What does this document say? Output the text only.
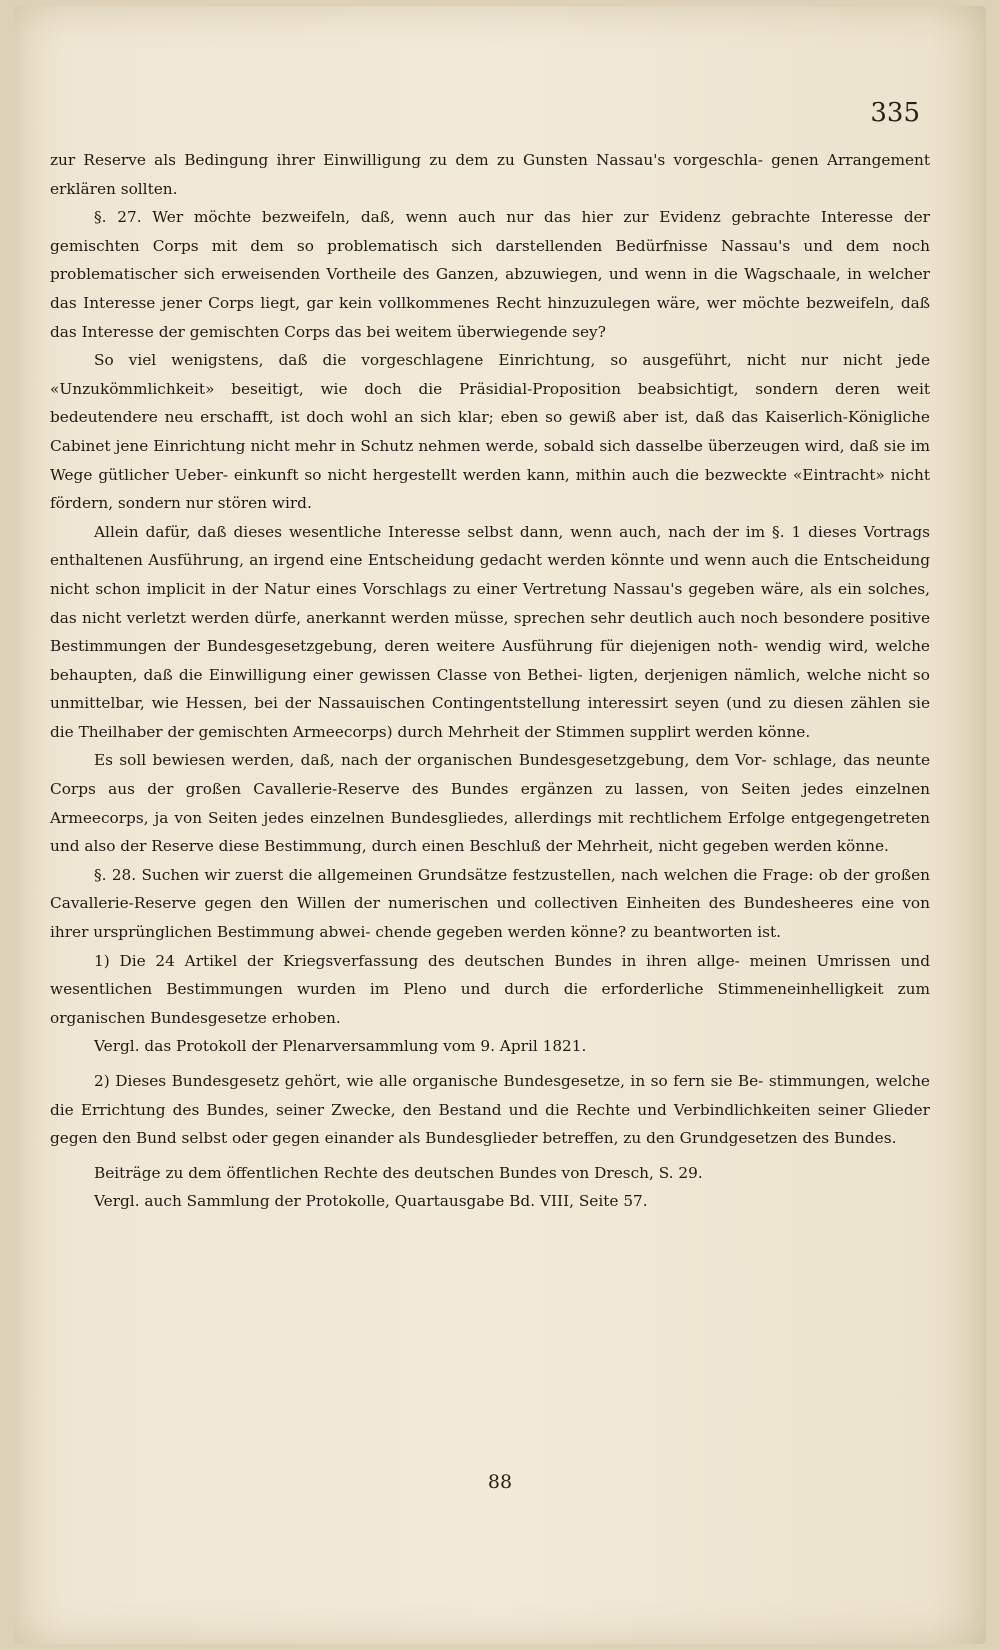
335

zur Reserve als Bedingung ihrer Einwilligung zu dem zu Gunsten Nassau's vorgeschla- genen Arrangement erklären sollten.

§. 27. Wer möchte bezweifeln, daß, wenn auch nur das hier zur Evidenz gebrachte Interesse der gemischten Corps mit dem so problematisch sich darstellenden Bedürfnisse Nassau's und dem noch problematischer sich erweisenden Vortheile des Ganzen, abzuwiegen, und wenn in die Wagschaale, in welcher das Interesse jener Corps liegt, gar kein vollkommenes Recht hinzuzulegen wäre, wer möchte bezweifeln, daß das Interesse der gemischten Corps das bei weitem überwiegende sey?

So viel wenigstens, daß die vorgeschlagene Einrichtung, so ausgeführt, nicht nur nicht jede «Unzukömmlichkeit» beseitigt, wie doch die Präsidial-Proposition beabsichtigt, sondern deren weit bedeutendere neu erschafft, ist doch wohl an sich klar; eben so gewiß aber ist, daß das Kaiserlich-Königliche Cabinet jene Einrichtung nicht mehr in Schutz nehmen werde, sobald sich dasselbe überzeugen wird, daß sie im Wege gütlicher Ueber- einkunft so nicht hergestellt werden kann, mithin auch die bezweckte «Eintracht» nicht fördern, sondern nur stören wird.

Allein dafür, daß dieses wesentliche Interesse selbst dann, wenn auch, nach der im §. 1 dieses Vortrags enthaltenen Ausführung, an irgend eine Entscheidung gedacht werden könnte und wenn auch die Entscheidung nicht schon implicit in der Natur eines Vorschlags zu einer Vertretung Nassau's gegeben wäre, als ein solches, das nicht verletzt werden dürfe, anerkannt werden müsse, sprechen sehr deutlich auch noch besondere positive Bestimmungen der Bundesgesetzgebung, deren weitere Ausführung für diejenigen noth- wendig wird, welche behaupten, daß die Einwilligung einer gewissen Classe von Bethei- ligten, derjenigen nämlich, welche nicht so unmittelbar, wie Hessen, bei der Nassauischen Contingentstellung interessirt seyen (und zu diesen zählen sie die Theilhaber der gemischten Armeecorps) durch Mehrheit der Stimmen supplirt werden könne.

Es soll bewiesen werden, daß, nach der organischen Bundesgesetzgebung, dem Vor- schlage, das neunte Corps aus der großen Cavallerie-Reserve des Bundes ergänzen zu lassen, von Seiten jedes einzelnen Armeecorps, ja von Seiten jedes einzelnen Bundesgliedes, allerdings mit rechtlichem Erfolge entgegengetreten und also der Reserve diese Bestimmung, durch einen Beschluß der Mehrheit, nicht gegeben werden könne.

§. 28. Suchen wir zuerst die allgemeinen Grundsätze festzustellen, nach welchen die Frage: ob der großen Cavallerie-Reserve gegen den Willen der numerischen und collectiven Einheiten des Bundesheeres eine von ihrer ursprünglichen Bestimmung abwei- chende gegeben werden könne? zu beantworten ist.

1) Die 24 Artikel der Kriegsverfassung des deutschen Bundes in ihren allge- meinen Umrissen und wesentlichen Bestimmungen wurden im Pleno und durch die erforderliche Stimmeneinhelligkeit zum organischen Bundesgesetze erhoben.

Vergl. das Protokoll der Plenarversammlung vom 9. April 1821.

2) Dieses Bundesgesetz gehört, wie alle organische Bundesgesetze, in so fern sie Be- stimmungen, welche die Errichtung des Bundes, seiner Zwecke, den Bestand und die Rechte und Verbindlichkeiten seiner Glieder gegen den Bund selbst oder gegen einander als Bundesglieder betreffen, zu den Grundgesetzen des Bundes.

Beiträge zu dem öffentlichen Rechte des deutschen Bundes von Dresch, S. 29.

Vergl. auch Sammlung der Protokolle, Quartausgabe Bd. VIII, Seite 57.

88
